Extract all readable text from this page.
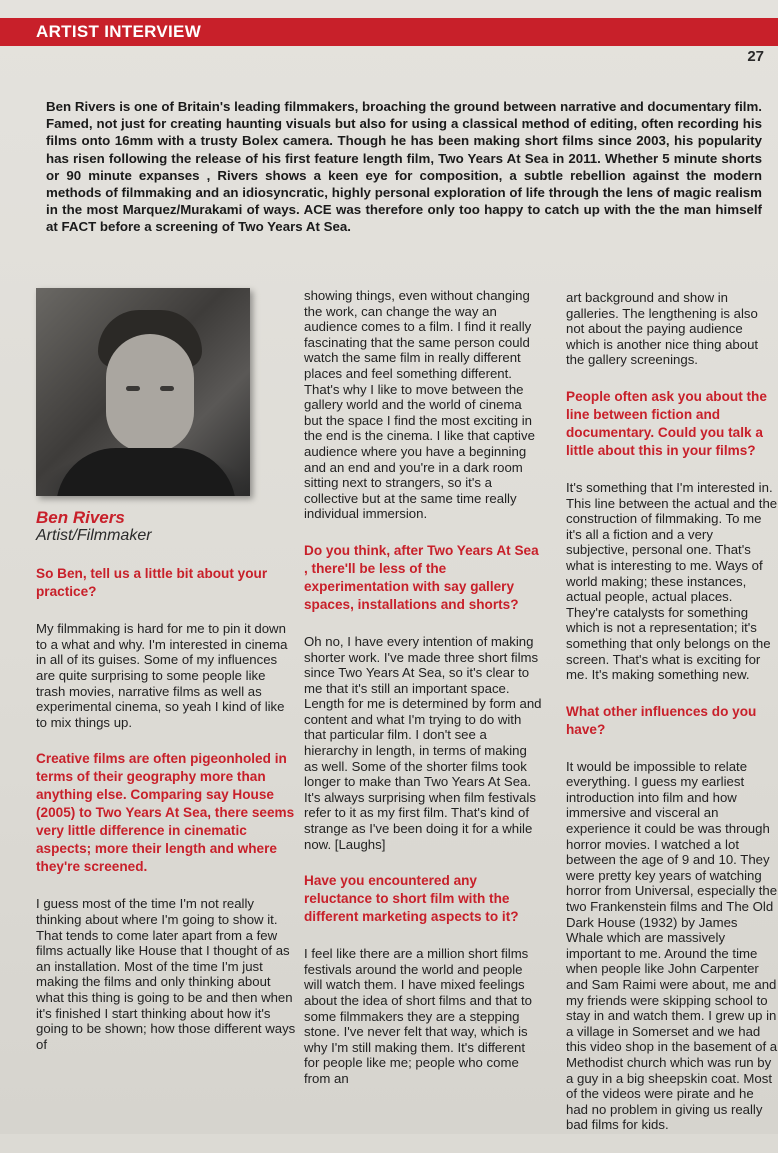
ARTIST INTERVIEW
27
Ben Rivers is one of Britain's leading filmmakers, broaching the ground between narrative and documentary film. Famed, not just for creating haunting visuals but also for using a classical method of editing, often recording his films onto 16mm with a trusty Bolex camera. Though he has been making short films since 2003, his popularity has risen following the release of his first feature length film, Two Years At Sea in 2011. Whether 5 minute shorts or 90 minute expanses , Rivers shows a keen eye for composition, a subtle rebellion against the modern methods of filmmaking and an idiosyncratic, highly personal exploration of life through the lens of magic realism in the most Marquez/Murakami of ways. ACE was therefore only too happy to catch up with the the man himself at FACT before a screening of Two Years At Sea.
Ben Rivers
Artist/Filmmaker

So Ben, tell us a little bit about your practice?

My filmmaking is hard for me to pin it down to a what and why. I'm interested in cinema in all of its guises. Some of my influences are quite surprising to some people like trash movies, narrative films as well as experimental cinema, so yeah I kind of like to mix things up.

Creative films are often pigeonholed in terms of their geography more than anything else. Comparing say House (2005) to Two Years At Sea, there seems very little difference in cinematic aspects; more their length and where they're screened.

I guess most of the time I'm not really thinking about where I'm going to show it. That tends to come later apart from a few films actually like House that I thought of as an installation. Most of the time I'm just making the films and only thinking about what this thing is going to be and then when it's finished I start thinking about how it's going to be shown; how those different ways of

showing things, even without changing the work, can change the way an audience comes to a film. I find it really fascinating that the same person could watch the same film in really different places and feel something different. That's why I like to move between the gallery world and the world of cinema but the space I find the most exciting in the end is the cinema. I like that captive audience where you have a beginning and an end and you're in a dark room sitting next to strangers, so it's a collective but at the same time really individual immersion.

Do you think, after Two Years At Sea , there'll be less of the experimentation with say gallery spaces, installations and shorts?

Oh no, I have every intention of making shorter work. I've made three short films since Two Years At Sea, so it's clear to me that it's still an important space. Length for me is determined by form and content and what I'm trying to do with that particular film. I don't see a hierarchy in length, in terms of making as well. Some of the shorter films took longer to make than Two Years At Sea. It's always surprising when film festivals refer to it as my first film. That's kind of strange as I've been doing it for a while now. [Laughs]

Have you encountered any reluctance to short film with the different marketing aspects to it?

I feel like there are a million short films festivals around the world and people will watch them. I have mixed feelings about the idea of short films and that to some filmmakers they are a stepping stone. I've never felt that way, which is why I'm still making them. It's different for people like me; people who come from an

art background and show in galleries. The lengthening is also not about the paying audience which is another nice thing about the gallery screenings.

People often ask you about the line between fiction and documentary. Could you talk a little about this in your films?

It's something that I'm interested in. This line between the actual and the construction of filmmaking. To me it's all a fiction and a very subjective, personal one. That's what is interesting to me. Ways of world making; these instances, actual people, actual places. They're catalysts for something which is not a representation; it's something that only belongs on the screen. That's what is exciting for me. It's making something new.

What other influences do you have?

It would be impossible to relate everything. I guess my earliest introduction into film and how immersive and visceral an experience it could be was through horror movies. I watched a lot between the age of 9 and 10. They were pretty key years of watching horror from Universal, especially the two Frankenstein films and The Old Dark House (1932) by James Whale which are massively important to me. Around the time when people like John Carpenter and Sam Raimi were about, me and my friends were skipping school to stay in and watch them. I grew up in a village in Somerset and we had this video shop in the basement of a Methodist church which was run by a guy in a big sheepskin coat. Most of the videos were pirate and he had no problem in giving us really bad films for kids.
